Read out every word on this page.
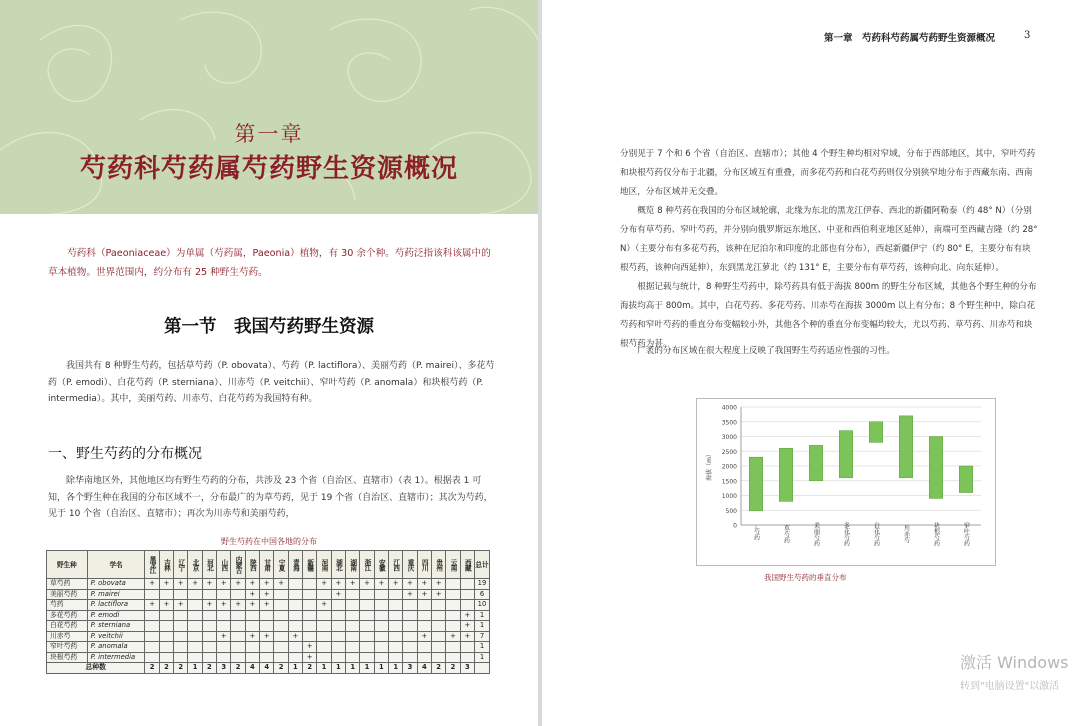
第一章
芍药科芍药属芍药野生资源概况

芍药科（Paeoniaceae）为单属（芍药属，Paeonia）植物，有 30 余个种。芍药泛指该科该属中的草本植物。世界范围内，约分布有 25 种野生芍药。

第一节　我国芍药野生资源

我国共有 8 种野生芍药，包括草芍药（P. obovata）、芍药（P. lactiflora）、美丽芍药（P. mairei）、多花芍药（P. emodi）、白花芍药（P. sterniana）、川赤芍（P. veitchii）、窄叶芍药（P. anomala）和块根芍药（P. intermedia）。其中，美丽芍药、川赤芍、白花芍药为我国特有种。

一、野生芍药的分布概况

除华南地区外，其他地区均有野生芍药的分布，共涉及 23 个省（自治区、直辖市）（表 1）。根据表 1 可知，各个野生种在我国的分布区域不一，分布最广的为草芍药，见于 19 个省（自治区、直辖市）；其次为芍药，见于 10 个省（自治区、直辖市）；再次为川赤芍和美丽芍药，

野生芍药在中国各地的分布
野生种	学名	黑龙江	吉林	辽宁	北京	河北	山西	内蒙古	陕西	甘肃	宁夏	青海	新疆	河南	湖北	湖南	浙江	安徽	江西	重庆	四川	贵州	云南	西藏	总计
草芍药	P. obovata	+	+	+	+	+	+	+	+	+	+			+	+	+	+	+	+	+	+	+			19
美丽芍药	P. mairei								+	+					+					+	+	+			6
芍药	P. lactiflora	+	+	+		+	+	+	+	+				+											10
多花芍药	P. emodi																							+	1
白花芍药	P. sterniana																							+	1
川赤芍	P. veitchii						+		+	+		+									+		+	+	7
窄叶芍药	P. anomala												+												1
块根芍药	P. intermedia												+												1
总种数		2	2	2	1	2	3	2	4	4	2	1	2	1	1	1	1	1	1	3	4	2	2	3	
第一章　芍药科芍药属芍药野生资源概况	3

分别见于 7 个和 6 个省（自治区、直辖市）；其他 4 个野生种均相对窄域，分布于西部地区，其中，窄叶芍药和块根芍药仅分布于北疆，分布区域互有重叠，而多花芍药和白花芍药则仅分别狭窄地分布于西藏东南、西南地区，分布区域并无交叠。

概览 8 种芍药在我国的分布区域轮廓，北缘为东北的黑龙江伊春、西北的新疆阿勒泰（约 48° N）（分别分布有草芍药、窄叶芍药，并分别向俄罗斯远东地区、中亚和西伯利亚地区延伸），南端可至西藏吉隆（约 28° N）（主要分布有多花芍药，该种在尼泊尔和印度的北部也有分布），西起新疆伊宁（约 80° E，主要分布有块根芍药，该种向西延伸），东到黑龙江萝北（约 131° E，主要分布有草芍药，该种向北、向东延伸）。

根据记载与统计，8 种野生芍药中，除芍药具有低于海拔 800m 的野生分布区域，其他各个野生种的分布海拔均高于 800m。其中，白花芍药、多花芍药、川赤芍在海拔 3000m 以上有分布；8 个野生种中，除白花芍药和窄叶芍药的垂直分布变幅较小外，其他各个种的垂直分布变幅均较大，尤以芍药、草芍药、川赤芍和块根芍药为甚。

广袤的分布区域在很大程度上反映了我国野生芍药适应性强的习性。

0
500
1000
1500
2000
2500
3000
3500
4000
海拔（m）
芍药	草芍药	美丽芍药	多花芍药	白花芍药	川赤芍	块根芍药	窄叶芍药
我国野生芍药的垂直分布
激活 Windows
转到"电脑设置"以激活
